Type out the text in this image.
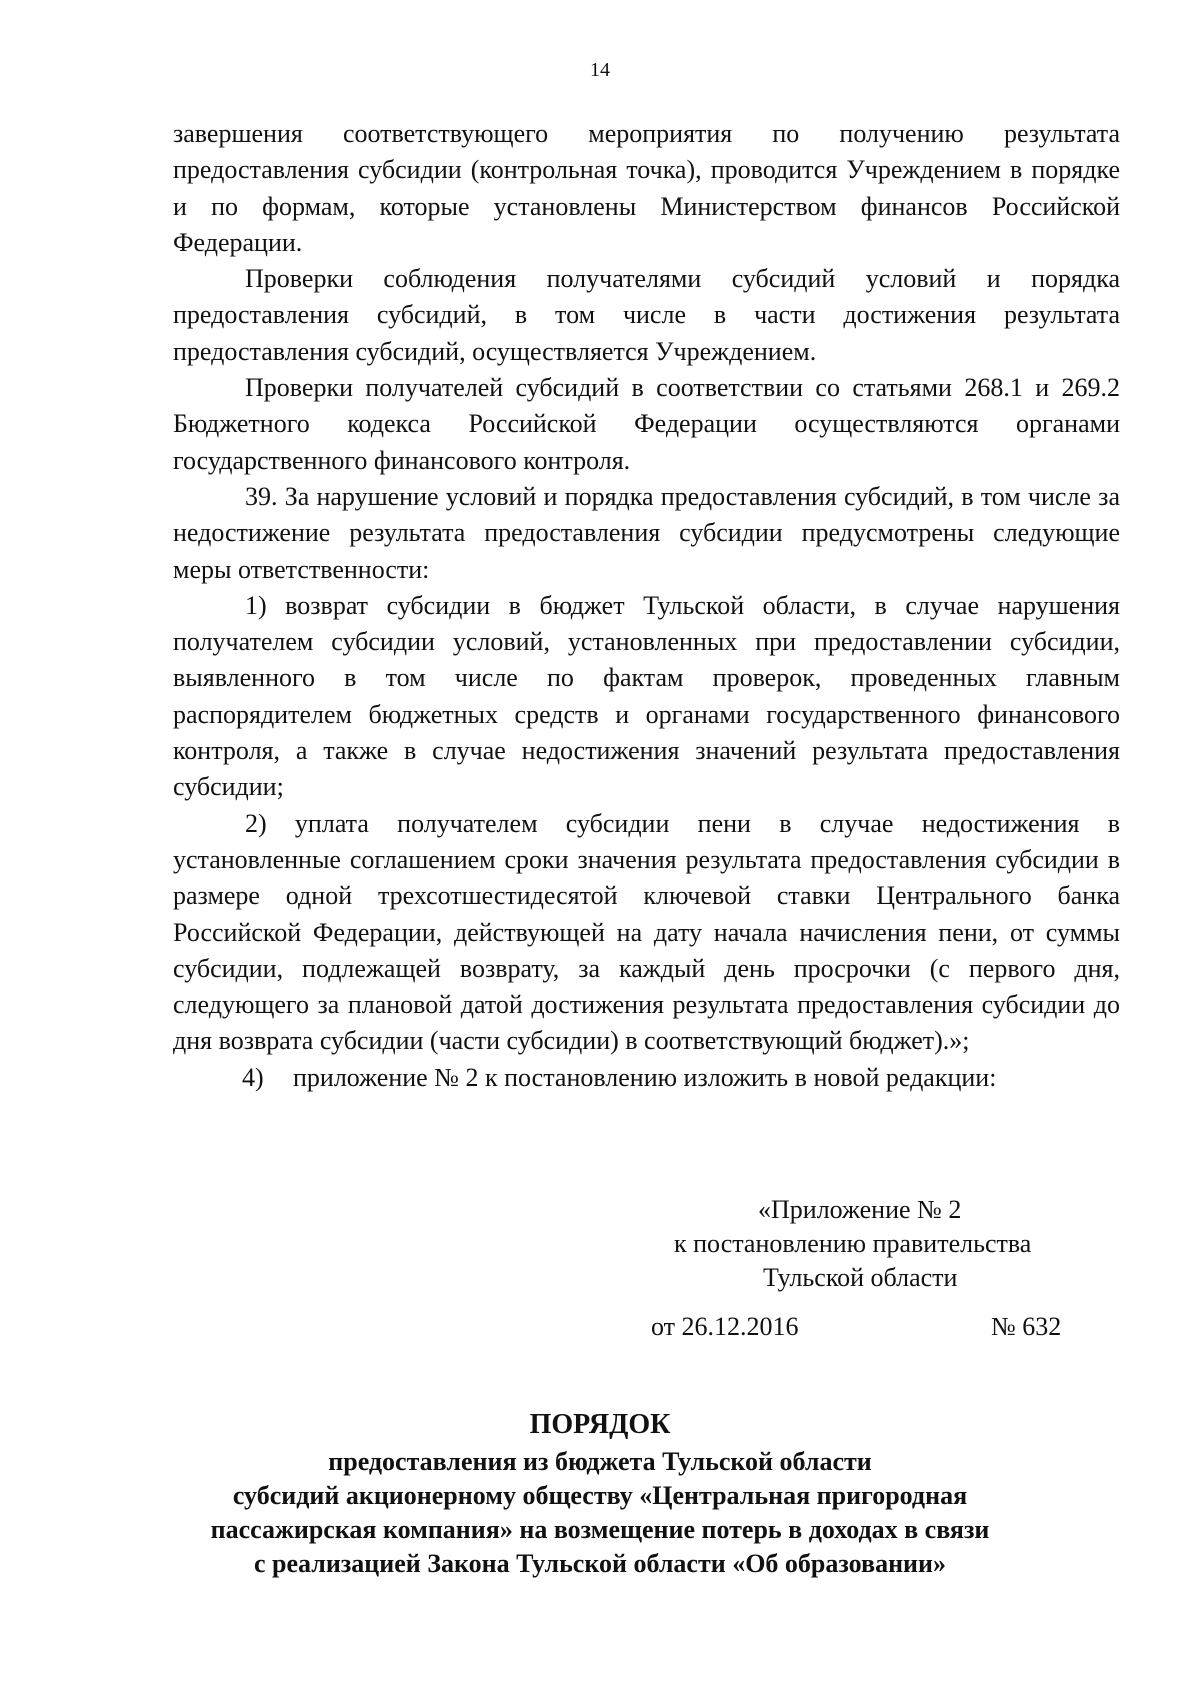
14

завершения соответствующего мероприятия по получению результата предоставления субсидии (контрольная точка), проводится Учреждением в порядке и по формам, которые установлены Министерством финансов Российской Федерации.

Проверки соблюдения получателями субсидий условий и порядка предоставления субсидий, в том числе в части достижения результата предоставления субсидий, осуществляется Учреждением.

Проверки получателей субсидий в соответствии со статьями 268.1 и 269.2 Бюджетного кодекса Российской Федерации осуществляются органами государственного финансового контроля.

39. За нарушение условий и порядка предоставления субсидий, в том числе за недостижение результата предоставления субсидии предусмотрены следующие меры ответственности:

1) возврат субсидии в бюджет Тульской области, в случае нарушения получателем субсидии условий, установленных при предоставлении субсидии, выявленного в том числе по фактам проверок, проведенных главным распорядителем бюджетных средств и органами государственного финансового контроля, а также в случае недостижения значений результата предоставления субсидии;

2) уплата получателем субсидии пени в случае недостижения в установленные соглашением сроки значения результата предоставления субсидии в размере одной трехсотшестидесятой ключевой ставки Центрального банка Российской Федерации, действующей на дату начала начисления пени, от суммы субсидии, подлежащей возврату, за каждый день просрочки (с первого дня, следующего за плановой датой достижения результата предоставления субсидии до дня возврата субсидии (части субсидии) в соответствующий бюджет).»;

4) приложение № 2 к постановлению изложить в новой редакции:

«Приложение № 2
к постановлению правительства
Тульской области
от 26.12.2016	№ 632

ПОРЯДОК

предоставления из бюджета Тульской области

субсидий акционерному обществу «Центральная пригородная

пассажирская компания» на возмещение потерь в доходах в связи

с реализацией Закона Тульской области «Об образовании»
